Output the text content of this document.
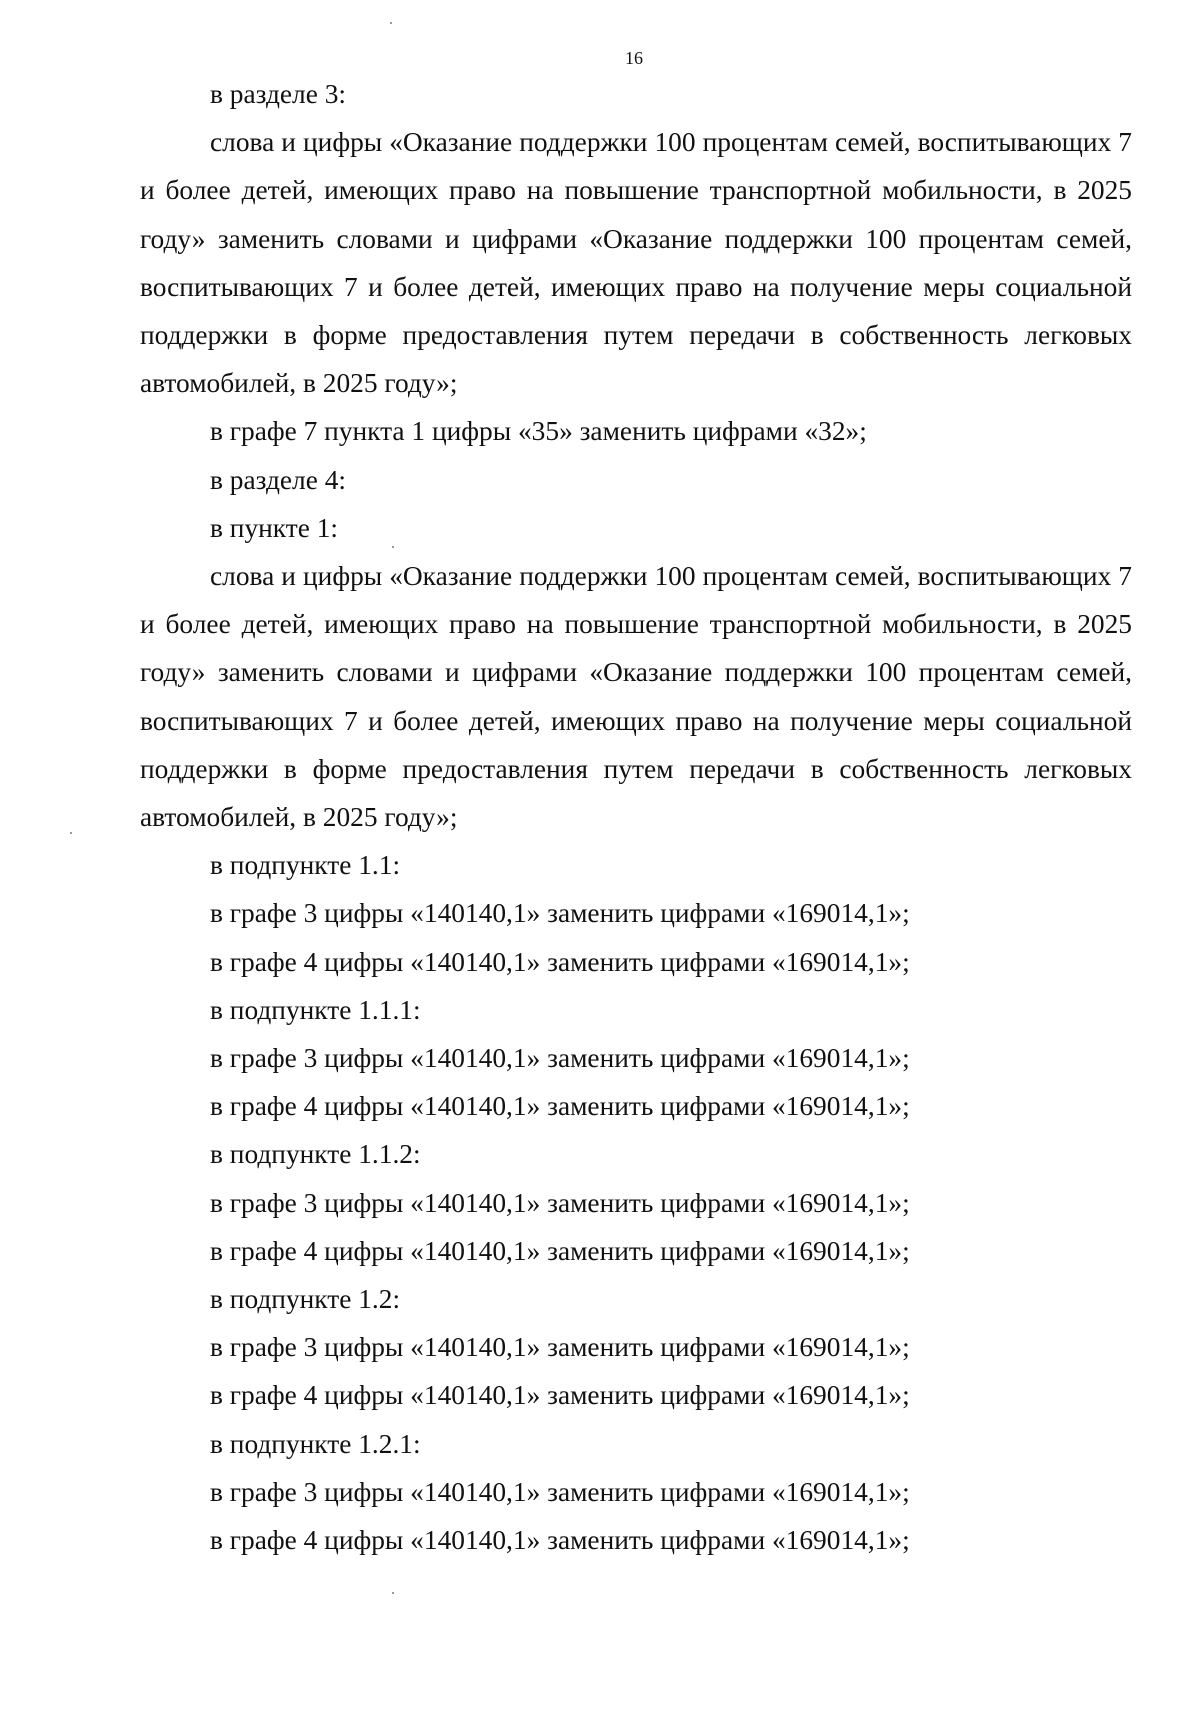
16

в разделе 3:

слова и цифры «Оказание поддержки 100 процентам семей, воспитывающих 7 и более детей, имеющих право на повышение транспортной мобильности, в 2025 году» заменить словами и цифрами «Оказание поддержки 100 процентам семей, воспитывающих 7 и более детей, имеющих право на получение меры социальной поддержки в форме предоставления путем передачи в собственность легковых автомобилей, в 2025 году»;

в графе 7 пункта 1 цифры «35» заменить цифрами «32»;

в разделе 4:

в пункте 1:

слова и цифры «Оказание поддержки 100 процентам семей, воспитывающих 7 и более детей, имеющих право на повышение транспортной мобильности, в 2025 году» заменить словами и цифрами «Оказание поддержки 100 процентам семей, воспитывающих 7 и более детей, имеющих право на получение меры социальной поддержки в форме предоставления путем передачи в собственность легковых автомобилей, в 2025 году»;

в подпункте 1.1:

в графе 3 цифры «140140,1» заменить цифрами «169014,1»;

в графе 4 цифры «140140,1» заменить цифрами «169014,1»;

в подпункте 1.1.1:

в графе 3 цифры «140140,1» заменить цифрами «169014,1»;

в графе 4 цифры «140140,1» заменить цифрами «169014,1»;

в подпункте 1.1.2:

в графе 3 цифры «140140,1» заменить цифрами «169014,1»;

в графе 4 цифры «140140,1» заменить цифрами «169014,1»;

в подпункте 1.2:

в графе 3 цифры «140140,1» заменить цифрами «169014,1»;

в графе 4 цифры «140140,1» заменить цифрами «169014,1»;

в подпункте 1.2.1:

в графе 3 цифры «140140,1» заменить цифрами «169014,1»;

в графе 4 цифры «140140,1» заменить цифрами «169014,1»;
